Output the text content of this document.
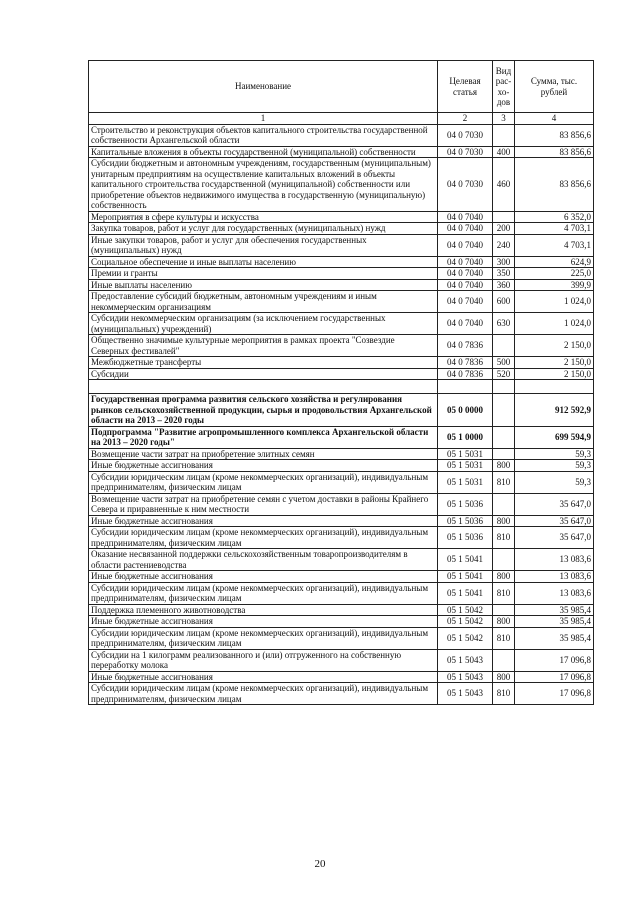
Наименование	Целевая статья	Вид рас- хо- дов	Сумма, тыс. рублей
1	2	3	4
Строительство и реконструкция объектов капитального строительства государственной собственности Архангельской области	04 0 7030		83 856,6
Капитальные вложения в объекты государственной (муниципальной) собственности	04 0 7030	400	83 856,6
Субсидии бюджетным и автономным учреждениям, государственным (муниципальным) унитарным предприятиям на осуществление капитальных вложений в объекты капитального строительства государственной (муниципальной) собственности или приобретение объектов недвижимого имущества в государственную (муниципальную) собственность	04 0 7030	460	83 856,6
Мероприятия в сфере культуры и искусства	04 0 7040		6 352,0
Закупка товаров, работ и услуг для государственных (муниципальных) нужд	04 0 7040	200	4 703,1
Иные закупки товаров, работ и услуг для обеспечения государственных (муниципальных) нужд	04 0 7040	240	4 703,1
Социальное обеспечение и иные выплаты населению	04 0 7040	300	624,9
Премии и гранты	04 0 7040	350	225,0
Иные выплаты населению	04 0 7040	360	399,9
Предоставление субсидий бюджетным, автономным учреждениям и иным некоммерческим организациям	04 0 7040	600	1 024,0
Субсидии некоммерческим организациям (за исключением государственных (муниципальных) учреждений)	04 0 7040	630	1 024,0
Общественно значимые культурные мероприятия в рамках проекта "Созвездие Северных фестивалей"	04 0 7836		2 150,0
Межбюджетные трансферты	04 0 7836	500	2 150,0
Субсидии	04 0 7836	520	2 150,0

Государственная программа развития сельского хозяйства и регулирования рынков сельскохозяйственной продукции, сырья и продовольствия Архангельской области на 2013 – 2020 годы	05 0 0000		912 592,9
Подпрограмма "Развитие агропромышленного комплекса Архангельской области на 2013 – 2020 годы"	05 1 0000		699 594,9
Возмещение части затрат на приобретение элитных семян	05 1 5031		59,3
Иные бюджетные ассигнования	05 1 5031	800	59,3
Субсидии юридическим лицам (кроме некоммерческих организаций), индивидуальным предпринимателям, физическим лицам	05 1 5031	810	59,3
Возмещение части затрат на приобретение семян с учетом доставки в районы Крайнего Севера и приравненные к ним местности	05 1 5036		35 647,0
Иные бюджетные ассигнования	05 1 5036	800	35 647,0
Субсидии юридическим лицам (кроме некоммерческих организаций), индивидуальным предпринимателям, физическим лицам	05 1 5036	810	35 647,0
Оказание несвязанной поддержки сельскохозяйственным товаропроизводителям в области растениеводства	05 1 5041		13 083,6
Иные бюджетные ассигнования	05 1 5041	800	13 083,6
Субсидии юридическим лицам (кроме некоммерческих организаций), индивидуальным предпринимателям, физическим лицам	05 1 5041	810	13 083,6
Поддержка племенного животноводства	05 1 5042		35 985,4
Иные бюджетные ассигнования	05 1 5042	800	35 985,4
Субсидии юридическим лицам (кроме некоммерческих организаций), индивидуальным предпринимателям, физическим лицам	05 1 5042	810	35 985,4
Субсидии на 1 килограмм реализованного и (или) отгруженного на собственную переработку молока	05 1 5043		17 096,8
Иные бюджетные ассигнования	05 1 5043	800	17 096,8
Субсидии юридическим лицам (кроме некоммерческих организаций), индивидуальным предпринимателям, физическим лицам	05 1 5043	810	17 096,8
20
